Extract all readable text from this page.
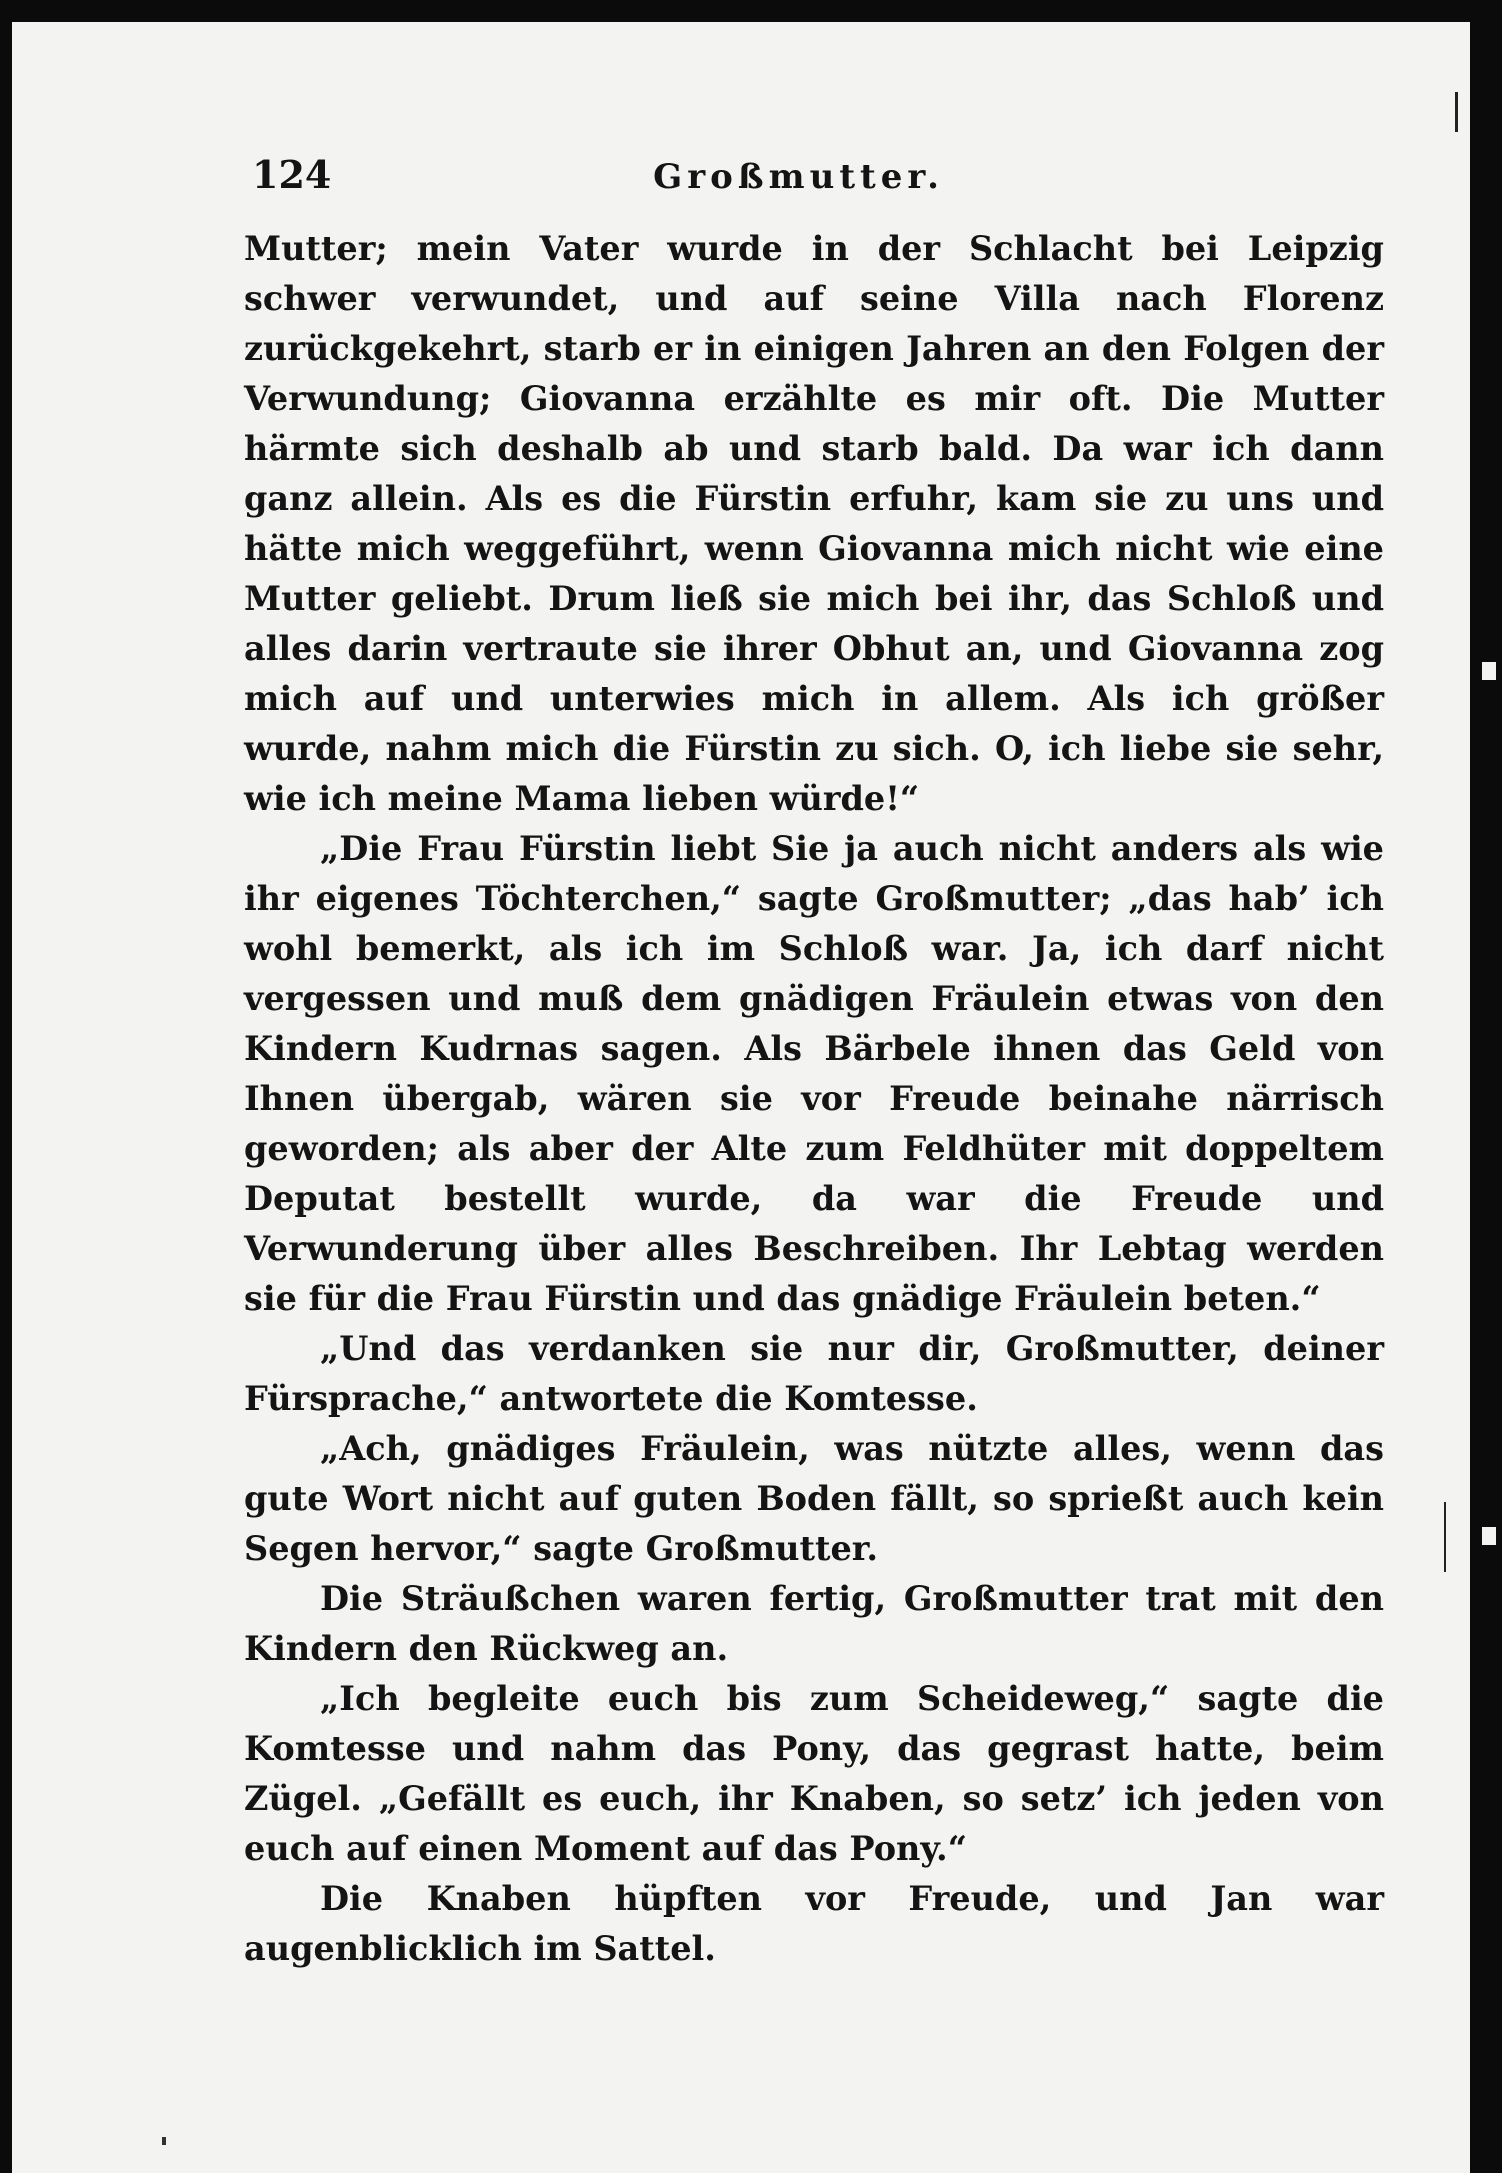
124	Großmutter.

Mutter; mein Vater wurde in der Schlacht bei Leipzig schwer verwundet, und auf seine Villa nach Florenz zurückgekehrt, starb er in einigen Jahren an den Folgen der Verwundung; Giovanna erzählte es mir oft. Die Mutter härmte sich deshalb ab und starb bald. Da war ich dann ganz allein. Als es die Fürstin erfuhr, kam sie zu uns und hätte mich weggeführt, wenn Giovanna mich nicht wie eine Mutter geliebt. Drum ließ sie mich bei ihr, das Schloß und alles darin vertraute sie ihrer Obhut an, und Giovanna zog mich auf und unterwies mich in allem. Als ich größer wurde, nahm mich die Fürstin zu sich. O, ich liebe sie sehr, wie ich meine Mama lieben würde!“

„Die Frau Fürstin liebt Sie ja auch nicht anders als wie ihr eigenes Töchterchen,“ sagte Großmutter; „das hab’ ich wohl bemerkt, als ich im Schloß war. Ja, ich darf nicht vergessen und muß dem gnädigen Fräulein etwas von den Kindern Kudrnas sagen. Als Bärbele ihnen das Geld von Ihnen übergab, wären sie vor Freude beinahe närrisch geworden; als aber der Alte zum Feldhüter mit doppeltem Deputat bestellt wurde, da war die Freude und Verwunderung über alles Beschreiben. Ihr Lebtag werden sie für die Frau Fürstin und das gnädige Fräulein beten.“

„Und das verdanken sie nur dir, Großmutter, deiner Fürsprache,“ antwortete die Komtesse.

„Ach, gnädiges Fräulein, was nützte alles, wenn das gute Wort nicht auf guten Boden fällt, so sprießt auch kein Segen hervor,“ sagte Großmutter.

Die Sträußchen waren fertig, Großmutter trat mit den Kindern den Rückweg an.

„Ich begleite euch bis zum Scheideweg,“ sagte die Komtesse und nahm das Pony, das gegrast hatte, beim Zügel. „Gefällt es euch, ihr Knaben, so setz’ ich jeden von euch auf einen Moment auf das Pony.“

Die Knaben hüpften vor Freude, und Jan war augenblicklich im Sattel.
